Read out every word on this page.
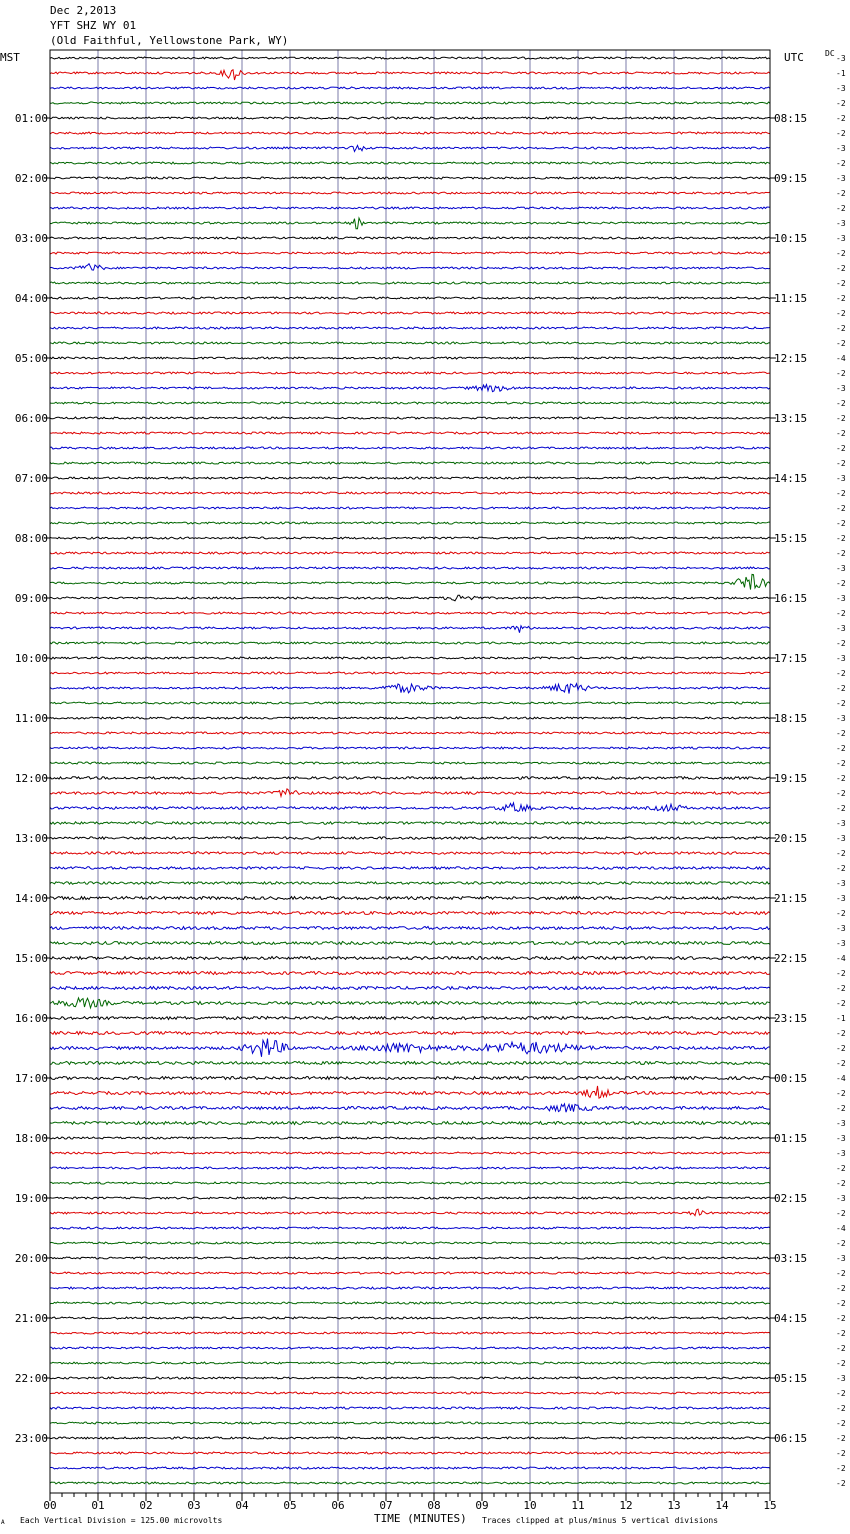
00	01	02	03	04	05	06	07	08	09	10	11	12	13	14	15
01:00
02:00
03:00
04:00
05:00
06:00
07:00
08:00
09:00
10:00
11:00
12:00
13:00
14:00
15:00
16:00
17:00
18:00
19:00
20:00
21:00
22:00
23:00
08:15
09:15
10:15
11:15
12:15
13:15
14:15
15:15
16:15
17:15
18:15
19:15
20:15
21:15
22:15
23:15
00:15
01:15
02:15
03:15
04:15
05:15
06:15
-3
-1
-3
-2
-2
-2
-3
-2
-3
-2
-2
-3
-3
-2
-2
-2
-2
-2
-2
-2
-4
-2
-3
-2
-2
-2
-2
-2
-3
-2
-2
-2
-2
-2
-3
-2
-3
-2
-3
-2
-3
-2
-2
-2
-3
-2
-2
-2
-2
-2
-2
-3
-3
-2
-2
-3
-3
-2
-3
-3
-4
-2
-2
-2
-1
-2
-2
-2
-4
-2
-2
-3
-3
-3
-2
-2
-3
-2
-4
-2
-3
-2
-2
-2
-2
-2
-2
-2
-3
-2
-2
-2
-2
-2
-2
-2
Dec 2,2013
YFT SHZ WY 01
(Old Faithful, Yellowstone Park, WY)
MST	UTC	DC
A Each Vertical Division = 125.00 microvolts	TIME (MINUTES) Traces clipped at plus/minus 5 vertical divisions
